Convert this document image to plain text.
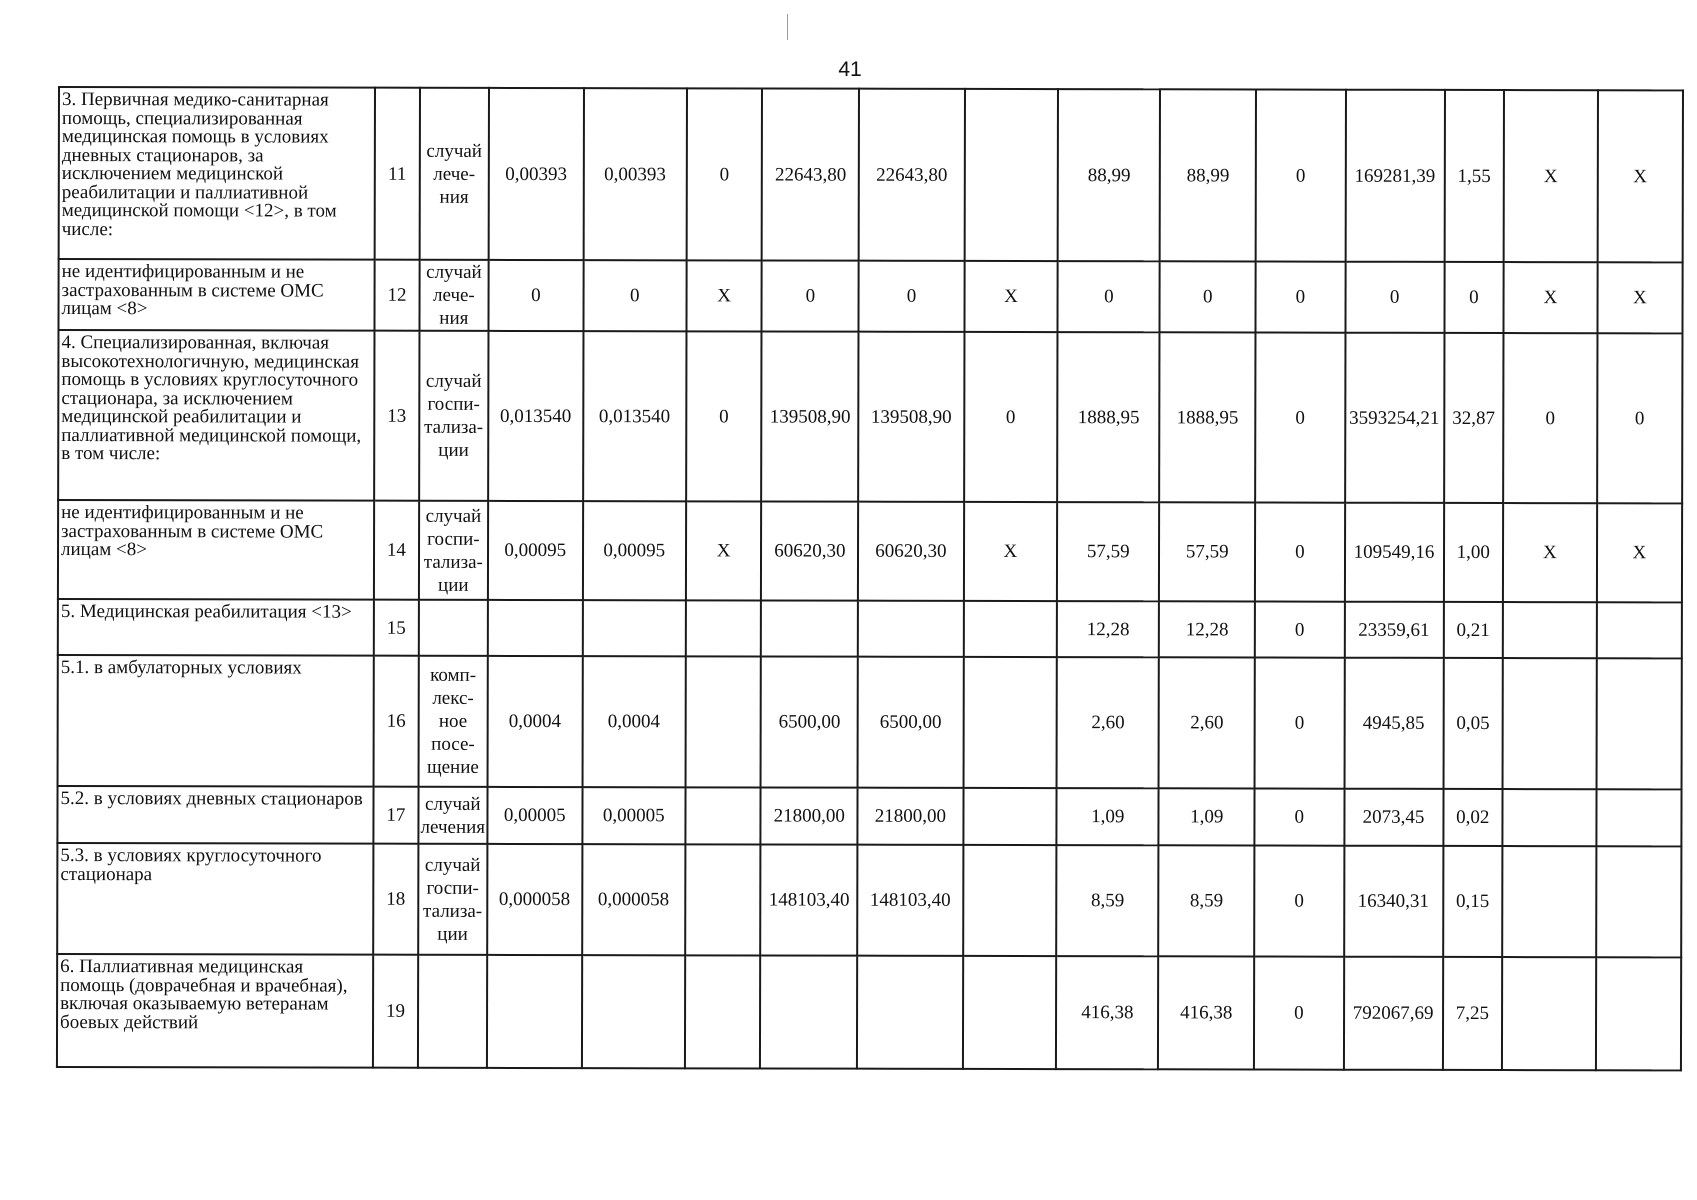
41
3. Первичная медико-санитарная помощь, специализированная медицинская помощь в условиях дневных стационаров, за исключением медицинской реабилитации и паллиативной медицинской помощи <12>, в том числе:	11	случай лече-ния	0,00393	0,00393	0	22643,80	22643,80		88,99	88,99	0	169281,39	1,55	Х	Х
не идентифицированным и не застрахованным в системе ОМС лицам <8>	12	случай лече-ния	0	0	Х	0	0	Х	0	0	0	0	0	Х	Х
4. Специализированная, включая высокотехнологичную, медицинская помощь в условиях круглосуточного стационара, за исключением медицинской реабилитации и паллиативной медицинской помощи, в том числе:	13	случай госпи-тализа-ции	0,013540	0,013540	0	139508,90	139508,90	0	1888,95	1888,95	0	3593254,21	32,87	0	0
не идентифицированным и не застрахованным в системе ОМС лицам <8>	14	случай госпи-тализа-ции	0,00095	0,00095	Х	60620,30	60620,30	Х	57,59	57,59	0	109549,16	1,00	Х	Х
5. Медицинская реабилитация <13>	15								12,28	12,28	0	23359,61	0,21		
5.1. в амбулаторных условиях	16	комп-лекс-ное посе-щение	0,0004	0,0004		6500,00	6500,00		2,60	2,60	0	4945,85	0,05		
5.2. в условиях дневных стационаров	17	случай лечения	0,00005	0,00005		21800,00	21800,00		1,09	1,09	0	2073,45	0,02		
5.3. в условиях круглосуточного стационара	18	случай госпи-тализа-ции	0,000058	0,000058		148103,40	148103,40		8,59	8,59	0	16340,31	0,15		
6. Паллиативная медицинская помощь (доврачебная и врачебная), включая оказываемую ветеранам боевых действий	19								416,38	416,38	0	792067,69	7,25		
